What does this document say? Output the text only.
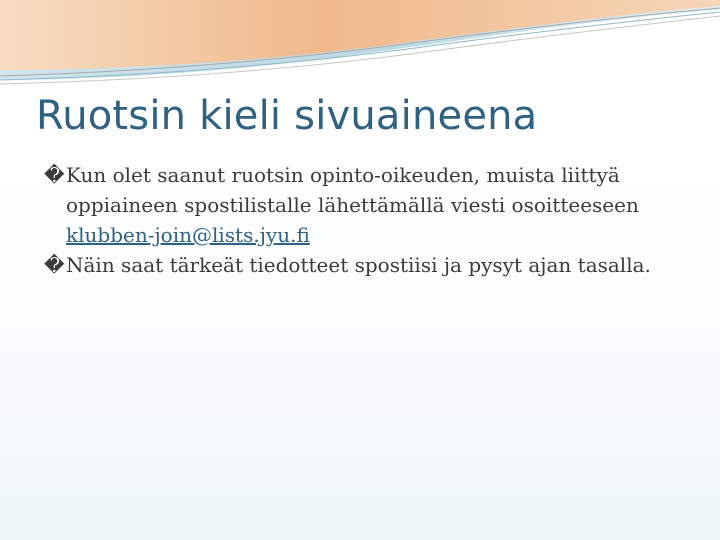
Ruotsin kieli sivuaineena
� Kun olet saanut ruotsin opinto-oikeuden, muista liittyä oppiaineen spostilistalle lähettämällä viesti osoitteeseen
klubben-join@lists.jyu.fi
� Näin saat tärkeät tiedotteet spostiisi ja pysyt ajan tasalla.
